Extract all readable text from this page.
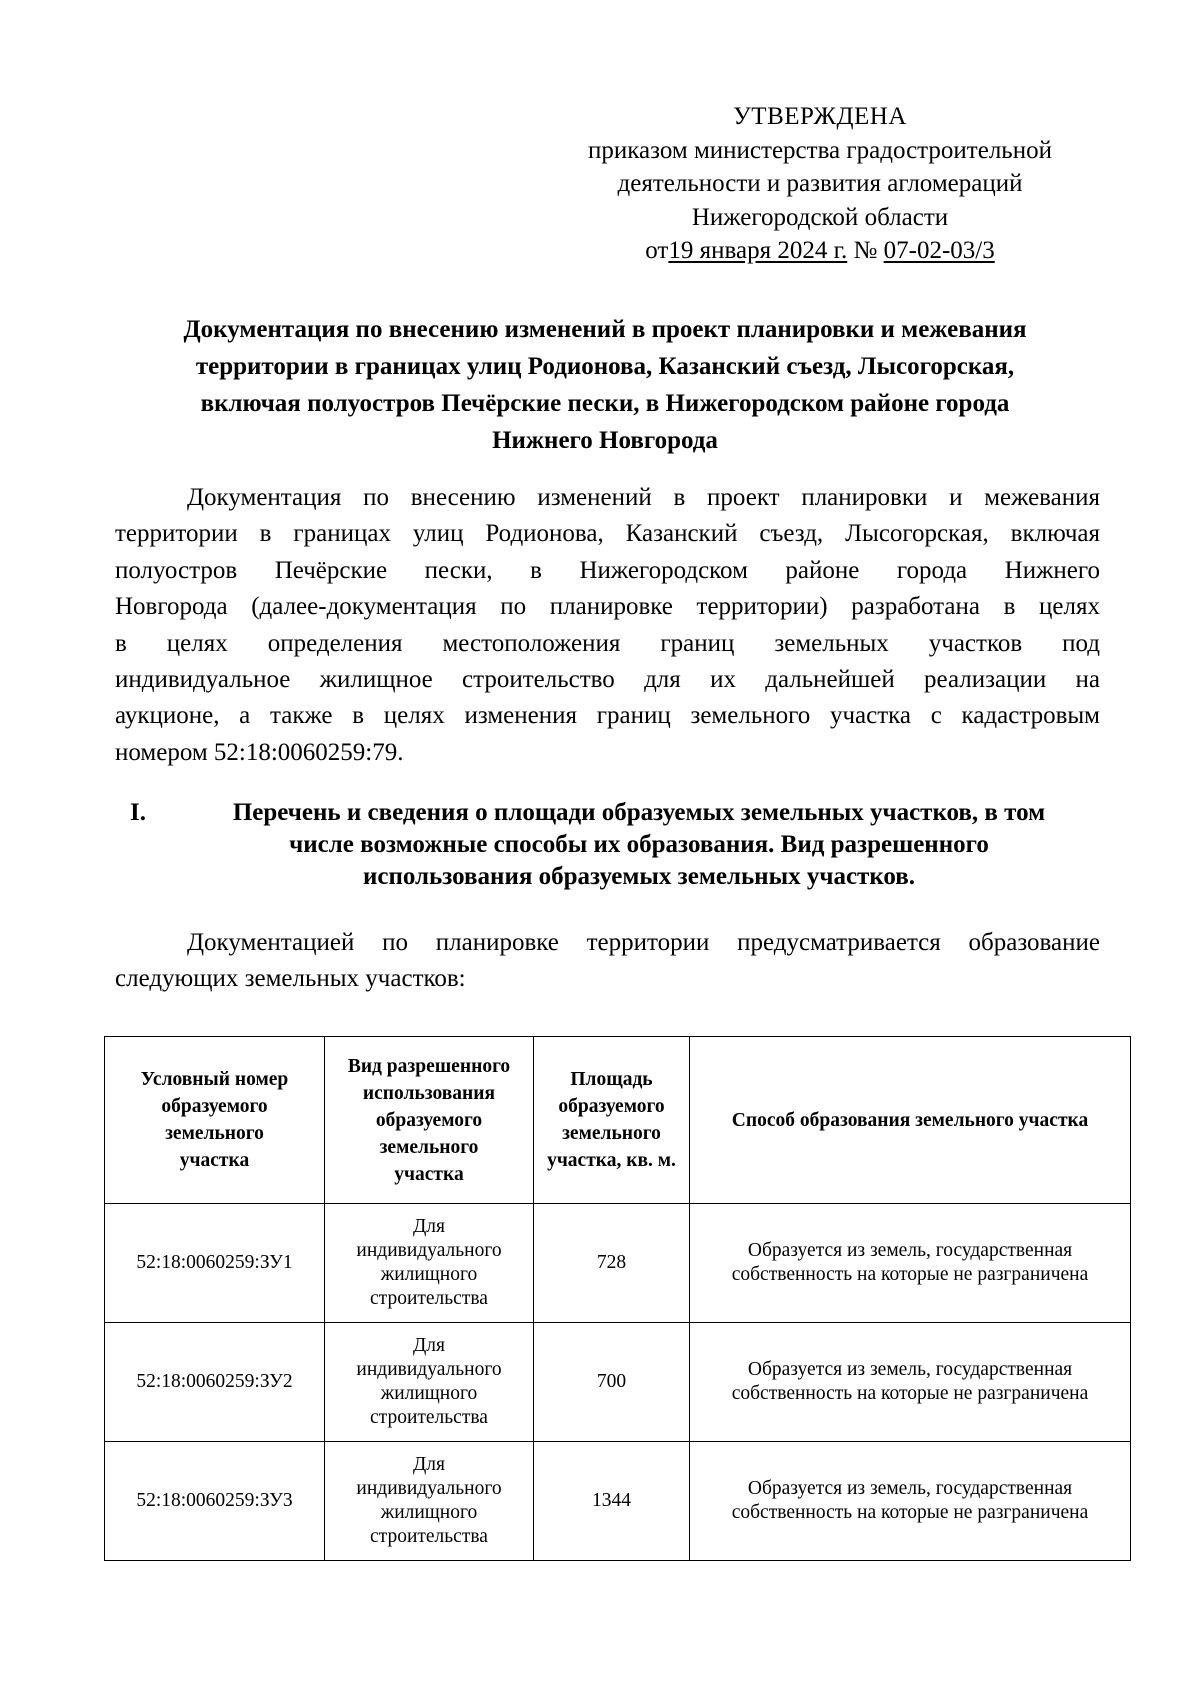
УТВЕРЖДЕНА
приказом министерства градостроительной
деятельности и развития агломераций
Нижегородской области
от19 января 2024 г. № 07-02-03/3
Документация по внесению изменений в проект планировки и межевания
территории в границах улиц Родионова, Казанский съезд, Лысогорская,
включая полуостров Печёрские пески, в Нижегородском районе города
Нижнего Новгорода
Документация по внесению изменений в проект планировки и межевания
территории в границах улиц Родионова, Казанский съезд, Лысогорская, включая
полуостров Печёрские пески, в Нижегородском районе города Нижнего
Новгорода (далее-документация по планировке территории) разработана в целях
в целях определения местоположения границ земельных участков под
индивидуальное жилищное строительство для их дальнейшей реализации на
аукционе, а также в целях изменения границ земельного участка с кадастровым
номером 52:18:0060259:79.
I.	Перечень и сведения о площади образуемых земельных участков, в том
числе возможные способы их образования. Вид разрешенного
использования образуемых земельных участков.
Документацией по планировке территории предусматривается образование
следующих земельных участков:
Условный номер образуемого земельного участка	Вид разрешенного использования образуемого земельного участка	Площадь образуемого земельного участка, кв. м.	Способ образования земельного участка
52:18:0060259:ЗУ1	Для индивидуального жилищного строительства	728	Образуется из земель, государственная собственность на которые не разграничена
52:18:0060259:ЗУ2	Для индивидуального жилищного строительства	700	Образуется из земель, государственная собственность на которые не разграничена
52:18:0060259:ЗУ3	Для индивидуального жилищного строительства	1344	Образуется из земель, государственная собственность на которые не разграничена
